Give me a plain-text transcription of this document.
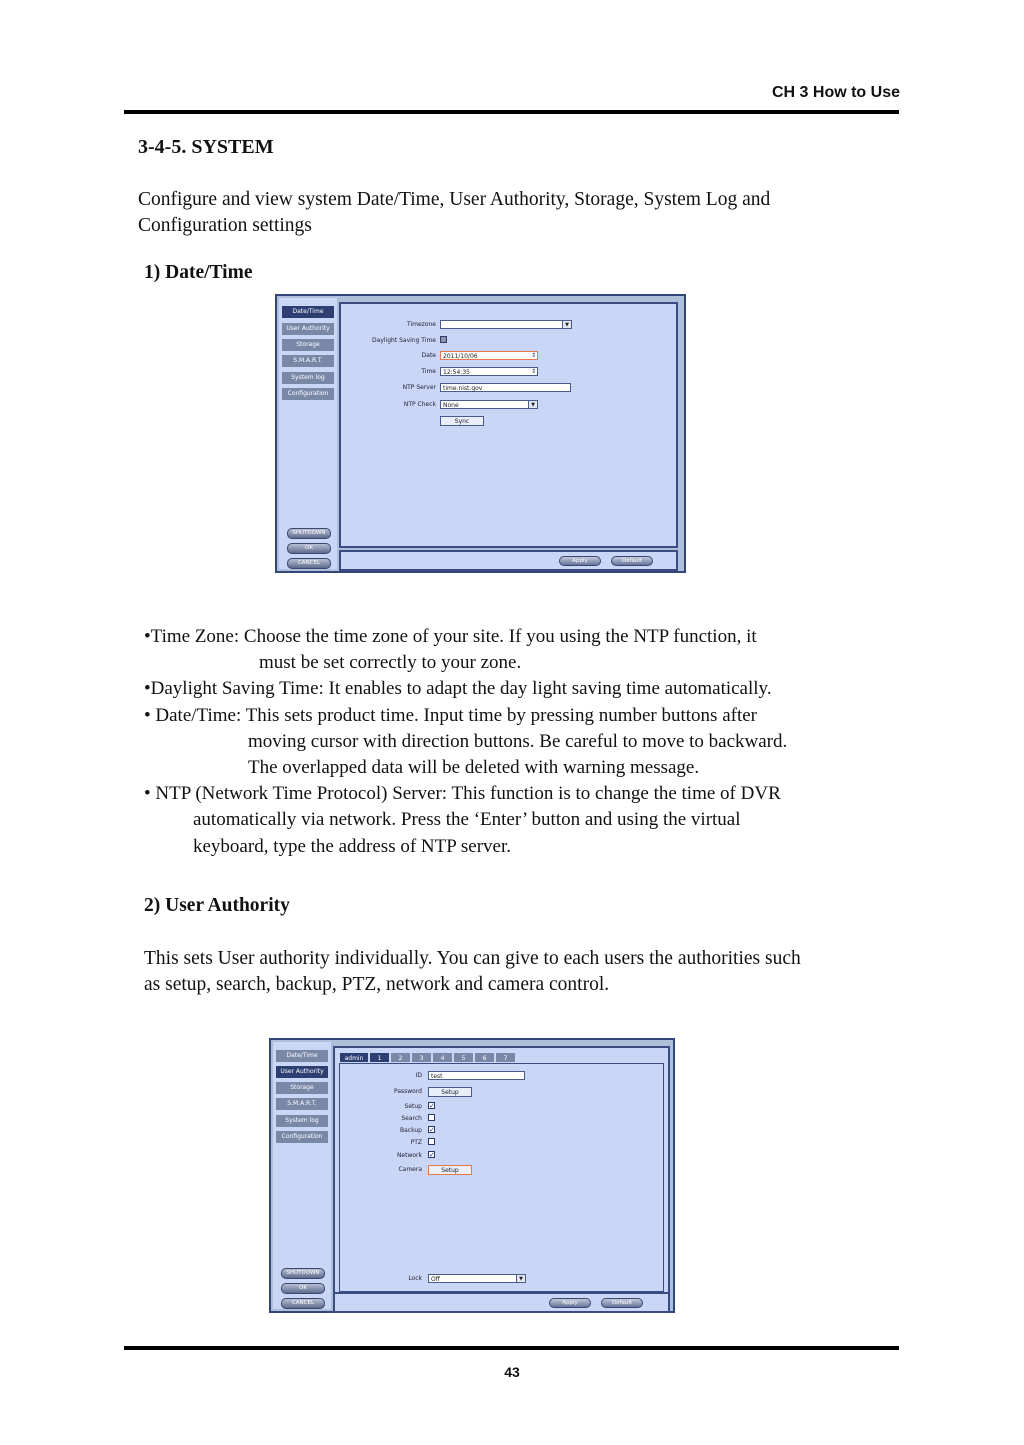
CH 3 How to Use
3-4-5. SYSTEM
Configure and view system Date/Time, User Authority, Storage, System Log and
Configuration settings
1) Date/Time
Date/Time
User Authority
Storage
S.M.A.R.T.
System log
Configuration
SHUTDOWN
OK
CANCEL
Timezone	▼
Daylight Saving Time
Date	2011/10/06	⇕
Time	12:54:35	⇕
NTP Server	time.nist.gov
NTP Check	None	▼
Sync
Apply	Default
•Time Zone: Choose the time zone of your site. If you using the NTP function, it
must be set correctly to your zone.
•Daylight Saving Time: It enables to adapt the day light saving time automatically.
• Date/Time: This sets product time. Input time by pressing number buttons after
moving cursor with direction buttons. Be careful to move to backward.
The overlapped data will be deleted with warning message.
• NTP (Network Time Protocol) Server: This function is to change the time of DVR
automatically via network. Press the ‘Enter’ button and using the virtual
keyboard, type the address of NTP server.
2) User Authority
This sets User authority individually. You can give to each users the authorities such
as setup, search, backup, PTZ, network and camera control.
Date/Time
User Authority
Storage
S.M.A.R.T.
System log
Configuration
SHUTDOWN
OK
CANCEL
admin	1	2	3	4	5	6	7
ID	test
Password	Setup
Setup ✓
Search
Backup ✓
PTZ
Network ✓
Camera	Setup
Lock	Off	▼
Apply	Default
43
